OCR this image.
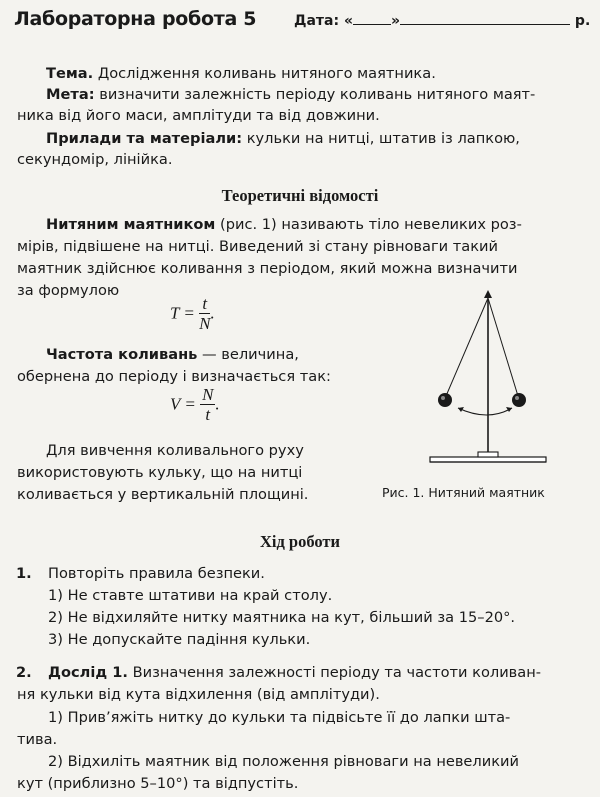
Лабораторна робота 5	Дата: «	»	р.
Тема. Дослідження коливань нитяного маятника.
Мета: визначити залежність періоду коливань нитяного маят-
ника від його маси, амплітуди та від довжини.
Прилади та матеріали: кульки на нитці, штатив із лапкою,
секундомір, лінійка.
Теоретичні відомості
Нитяним маятником (рис. 1) називають тіло невеликих роз-
мірів, підвішене на нитці. Виведений зі стану рівноваги такий
маятник здійснює коливання з періодом, який можна визначити
за формулою
$T = \frac{t}{N}$ .
Частота коливань — величина,
обернена до періоду і визначається так:
$V = \frac{N}{t}$ .
Для вивчення коливального руху
використовують кульку, що на нитці
коливається у вертикальній площині.	Рис. 1. Нитяний маятник
Хід роботи
1. Повторіть правила безпеки.
1) Не ставте штативи на край столу.
2) Не відхиляйте нитку маятника на кут, більший за 15–20°.
3) Не допускайте падіння кульки.
2. Дослід 1. Визначення залежності періоду та частоти коливан-
ня кульки від кута відхилення (від амплітуди).
1) Прив’яжіть нитку до кульки та підвісьте її до лапки шта-
тива.
2) Відхиліть маятник від положення рівноваги на невеликий
кут (приблизно 5–10°) та відпустіть.
